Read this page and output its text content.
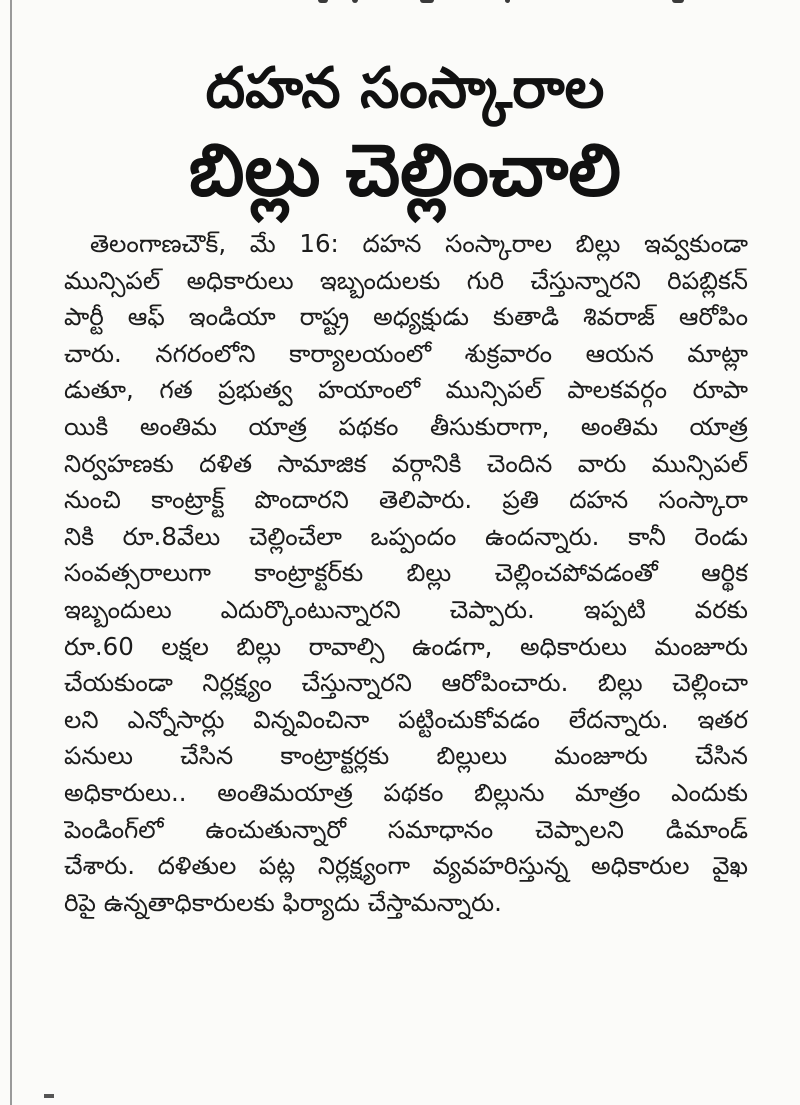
దహన సంస్కారాల
బిల్లు చెల్లించాలి
తెలంగాణచౌక్, మే 16: దహన సంస్కారాల బిల్లు ఇవ్వకుండా
మున్సిపల్ అధికారులు ఇబ్బందులకు గురి చేస్తున్నారని రిపబ్లికన్
పార్టీ ఆఫ్ ఇండియా రాష్ట్ర అధ్యక్షుడు కుతాడి శివరాజ్ ఆరోపిం
చారు. నగరంలోని కార్యాలయంలో శుక్రవారం ఆయన మాట్లా
డుతూ, గత ప్రభుత్వ హయాంలో మున్సిపల్ పాలకవర్గం రూపా
యికి అంతిమ యాత్ర పథకం తీసుకురాగా, అంతిమ యాత్ర
నిర్వహణకు దళిత సామాజిక వర్గానికి చెందిన వారు మున్సిపల్
నుంచి కాంట్రాక్ట్ పొందారని తెలిపారు. ప్రతి దహన సంస్కారా
నికి రూ.8వేలు చెల్లించేలా ఒప్పందం ఉందన్నారు. కానీ రెండు
సంవత్సరాలుగా కాంట్రాక్టర్‌కు బిల్లు చెల్లించపోవడంతో ఆర్థిక
ఇబ్బందులు ఎదుర్కొంటున్నారని చెప్పారు. ఇప్పటి వరకు
రూ.60 లక్షల బిల్లు రావాల్సి ఉండగా, అధికారులు మంజూరు
చేయకుండా నిర్లక్ష్యం చేస్తున్నారని ఆరోపించారు. బిల్లు చెల్లించా
లని ఎన్నోసార్లు విన్నవించినా పట్టించుకోవడం లేదన్నారు. ఇతర
పనులు చేసిన కాంట్రాక్టర్లకు బిల్లులు మంజూరు చేసిన
అధికారులు.. అంతిమయాత్ర పథకం బిల్లును మాత్రం ఎందుకు
పెండింగ్‌లో ఉంచుతున్నారో సమాధానం చెప్పాలని డిమాండ్
చేశారు. దళితుల పట్ల నిర్లక్ష్యంగా వ్యవహరిస్తున్న అధికారుల వైఖ
రిపై ఉన్నతాధికారులకు ఫిర్యాదు చేస్తామన్నారు.
